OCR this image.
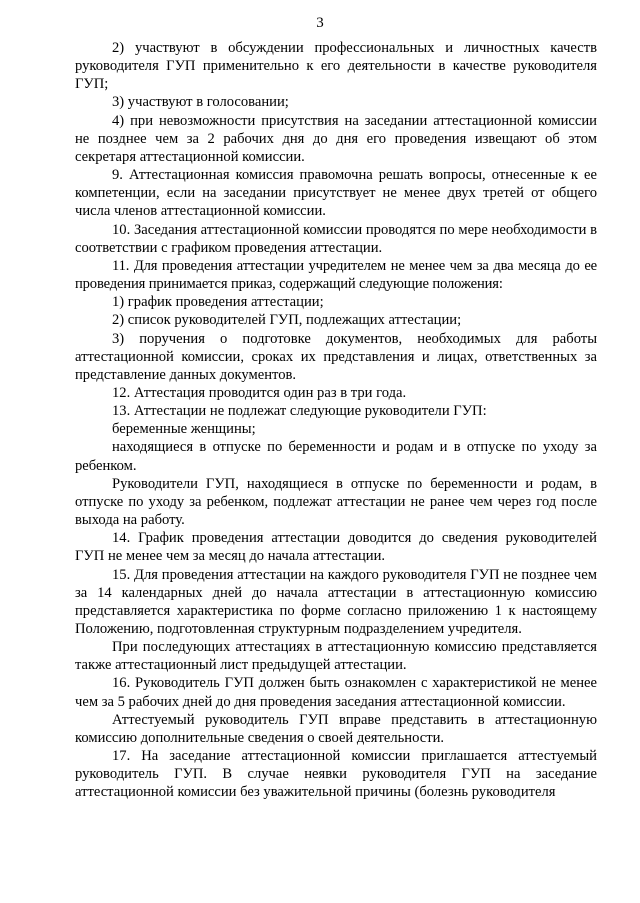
3

2) участвуют в обсуждении профессиональных и личностных качеств руководителя ГУП применительно к его деятельности в качестве руководителя ГУП;

3) участвуют в голосовании;

4) при невозможности присутствия на заседании аттестационной комиссии не позднее чем за 2 рабочих дня до дня его проведения извещают об этом секретаря аттестационной комиссии.

9. Аттестационная комиссия правомочна решать вопросы, отнесенные к ее компетенции, если на заседании присутствует не менее двух третей от общего числа членов аттестационной комиссии.

10. Заседания аттестационной комиссии проводятся по мере необходимости в соответствии с графиком проведения аттестации.

11. Для проведения аттестации учредителем не менее чем за два месяца до ее проведения принимается приказ, содержащий следующие положения:

1) график проведения аттестации;

2) список руководителей ГУП, подлежащих аттестации;

3) поручения о подготовке документов, необходимых для работы аттестационной комиссии, сроках их представления и лицах, ответственных за представление данных документов.

12. Аттестация проводится один раз в три года.

13. Аттестации не подлежат следующие руководители ГУП:

беременные женщины;

находящиеся в отпуске по беременности и родам и в отпуске по уходу за ребенком.

Руководители ГУП, находящиеся в отпуске по беременности и родам, в отпуске по уходу за ребенком, подлежат аттестации не ранее чем через год после выхода на работу.

14. График проведения аттестации доводится до сведения руководителей ГУП не менее чем за месяц до начала аттестации.

15. Для проведения аттестации на каждого руководителя ГУП не позднее чем за 14 календарных дней до начала аттестации в аттестационную комиссию представляется характеристика по форме согласно приложению 1 к настоящему Положению, подготовленная структурным подразделением учредителя.

При последующих аттестациях в аттестационную комиссию представляется также аттестационный лист предыдущей аттестации.

16. Руководитель ГУП должен быть ознакомлен с характеристикой не менее чем за 5 рабочих дней до дня проведения заседания аттестационной комиссии.

Аттестуемый руководитель ГУП вправе представить в аттестационную комиссию дополнительные сведения о своей деятельности.

17. На заседание аттестационной комиссии приглашается аттестуемый руководитель ГУП. В случае неявки руководителя ГУП на заседание аттестационной комиссии без уважительной причины (болезнь руководителя
